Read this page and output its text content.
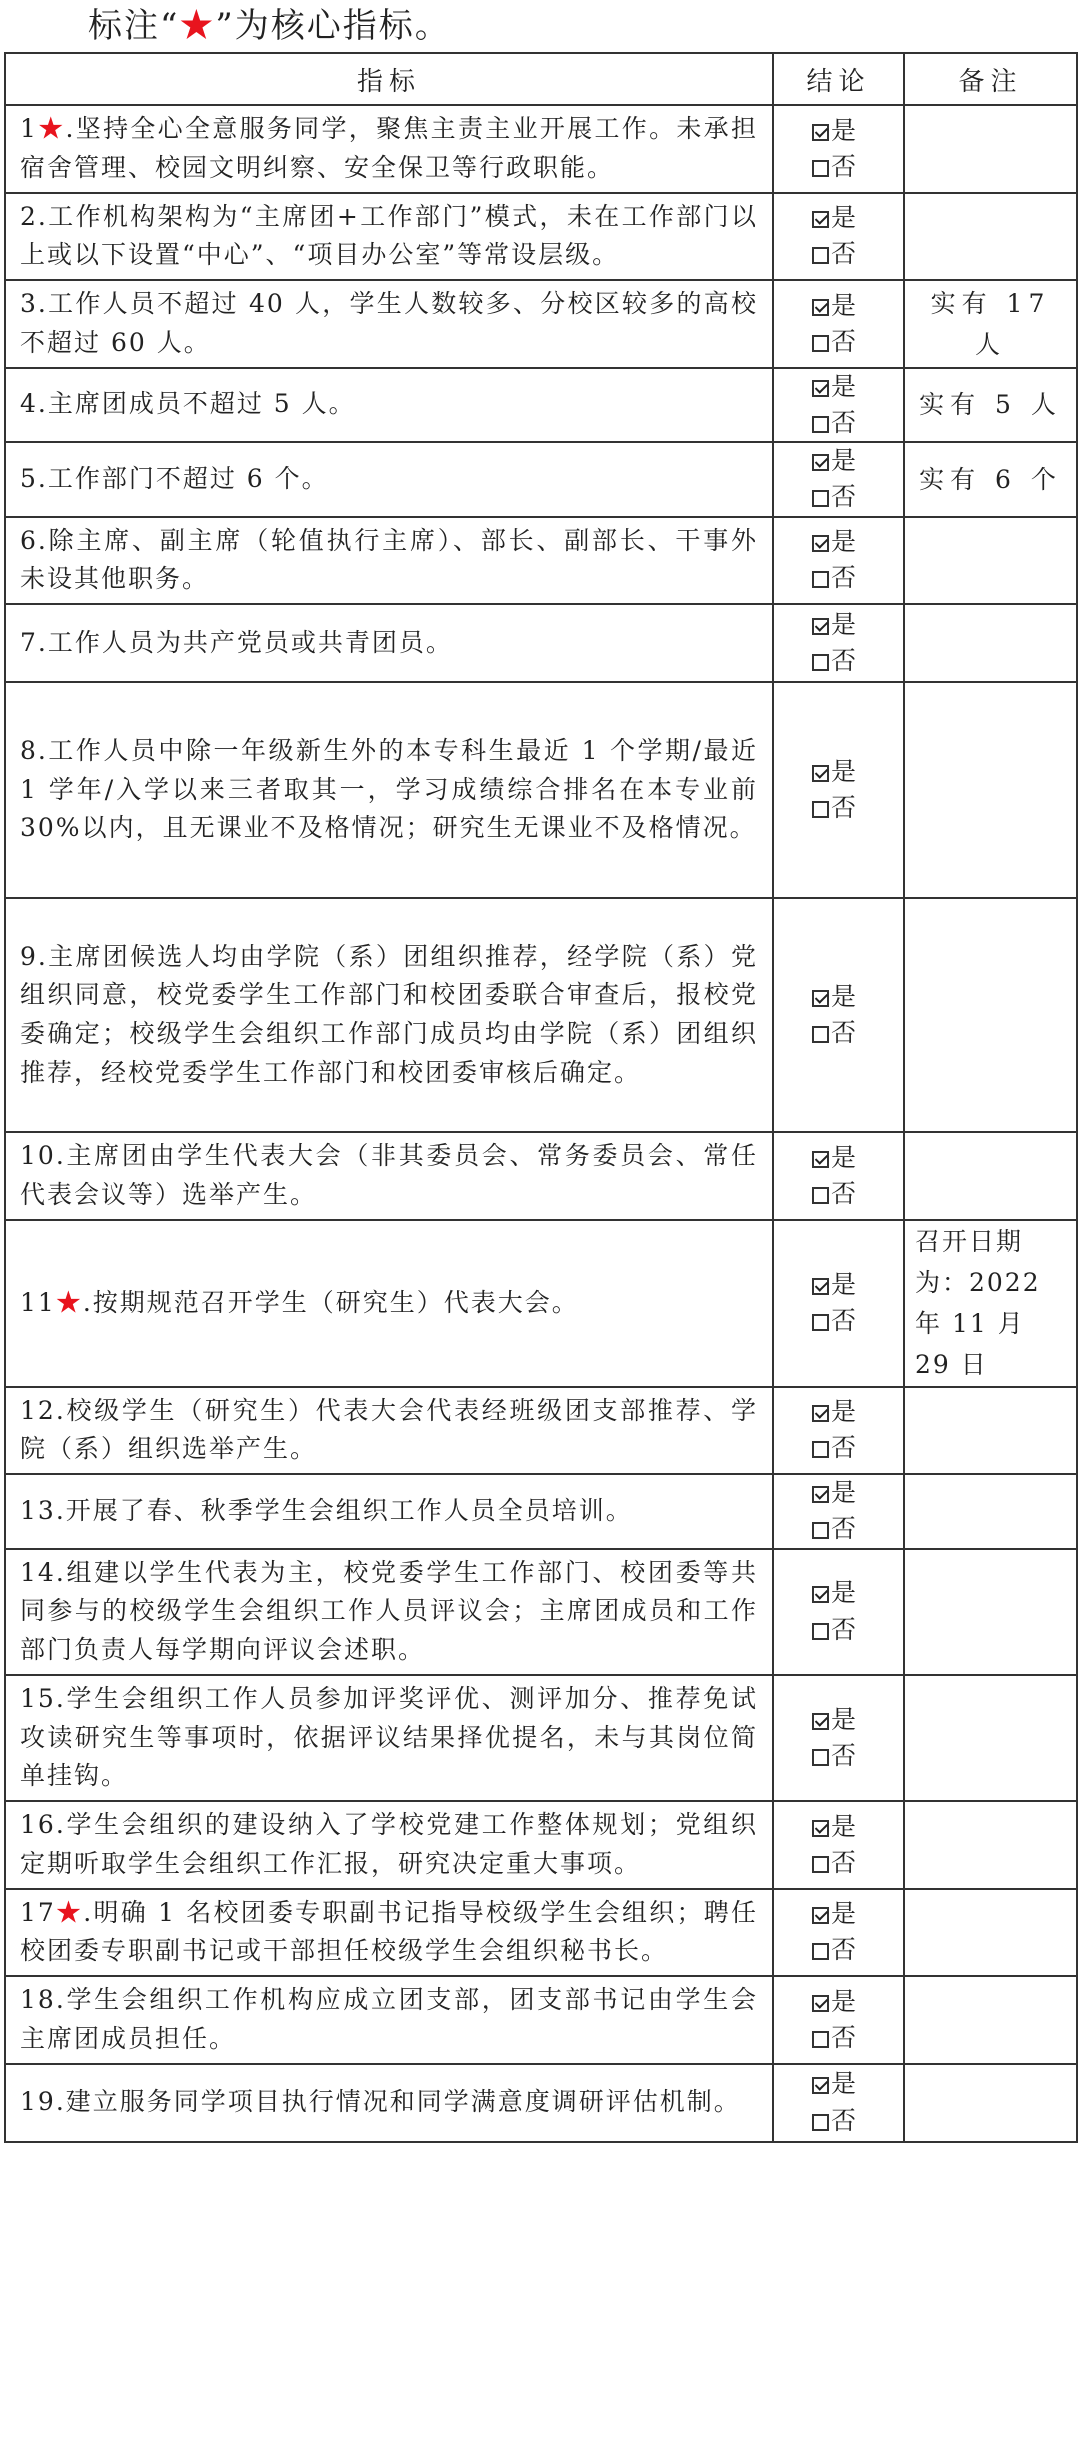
标注“★”为核心指标。
指标	结论	备注
1★.坚持全心全意服务同学，聚焦主责主业开展工作。未承担宿舍管理、校园文明纠察、安全保卫等行政职能。	是
否	

2.工作机构架构为“主席团+工作部门”模式，未在工作部门以上或以下设置“中心”、“项目办公室”等常设层级。	是
否	

3.工作人员不超过 40 人，学生人数较多、分校区较多的高校不超过 60 人。	是
否	实有 17 人
4.主席团成员不超过 5 人。	是
否	实有 5 人
5.工作部门不超过 6 个。	是
否	实有 6 个
6.除主席、副主席（轮值执行主席）、部长、副部长、干事外未设其他职务。	是
否	

7.工作人员为共产党员或共青团员。	是
否	

8.工作人员中除一年级新生外的本专科生最近 1 个学期/最近 1 学年/入学以来三者取其一，学习成绩综合排名在本专业前 30%以内，且无课业不及格情况；研究生无课业不及格情况。	是
否	

9.主席团候选人均由学院（系）团组织推荐，经学院（系）党组织同意，校党委学生工作部门和校团委联合审查后，报校党委确定；校级学生会组织工作部门成员均由学院（系）团组织推荐，经校党委学生工作部门和校团委审核后确定。	是
否	

10.主席团由学生代表大会（非其委员会、常务委员会、常任代表会议等）选举产生。	是
否	

11★.按期规范召开学生（研究生）代表大会。	是
否	召开日期为：2022 年 11 月 29 日
12.校级学生（研究生）代表大会代表经班级团支部推荐、学院（系）组织选举产生。	是
否	

13.开展了春、秋季学生会组织工作人员全员培训。	是
否	

14.组建以学生代表为主，校党委学生工作部门、校团委等共同参与的校级学生会组织工作人员评议会；主席团成员和工作部门负责人每学期向评议会述职。	是
否	

15.学生会组织工作人员参加评奖评优、测评加分、推荐免试攻读研究生等事项时，依据评议结果择优提名，未与其岗位简单挂钩。	是
否	

16.学生会组织的建设纳入了学校党建工作整体规划；党组织定期听取学生会组织工作汇报，研究决定重大事项。	是
否	

17★.明确 1 名校团委专职副书记指导校级学生会组织；聘任校团委专职副书记或干部担任校级学生会组织秘书长。	是
否	

18.学生会组织工作机构应成立团支部，团支部书记由学生会主席团成员担任。	是
否	

19.建立服务同学项目执行情况和同学满意度调研评估机制。	是
否	
